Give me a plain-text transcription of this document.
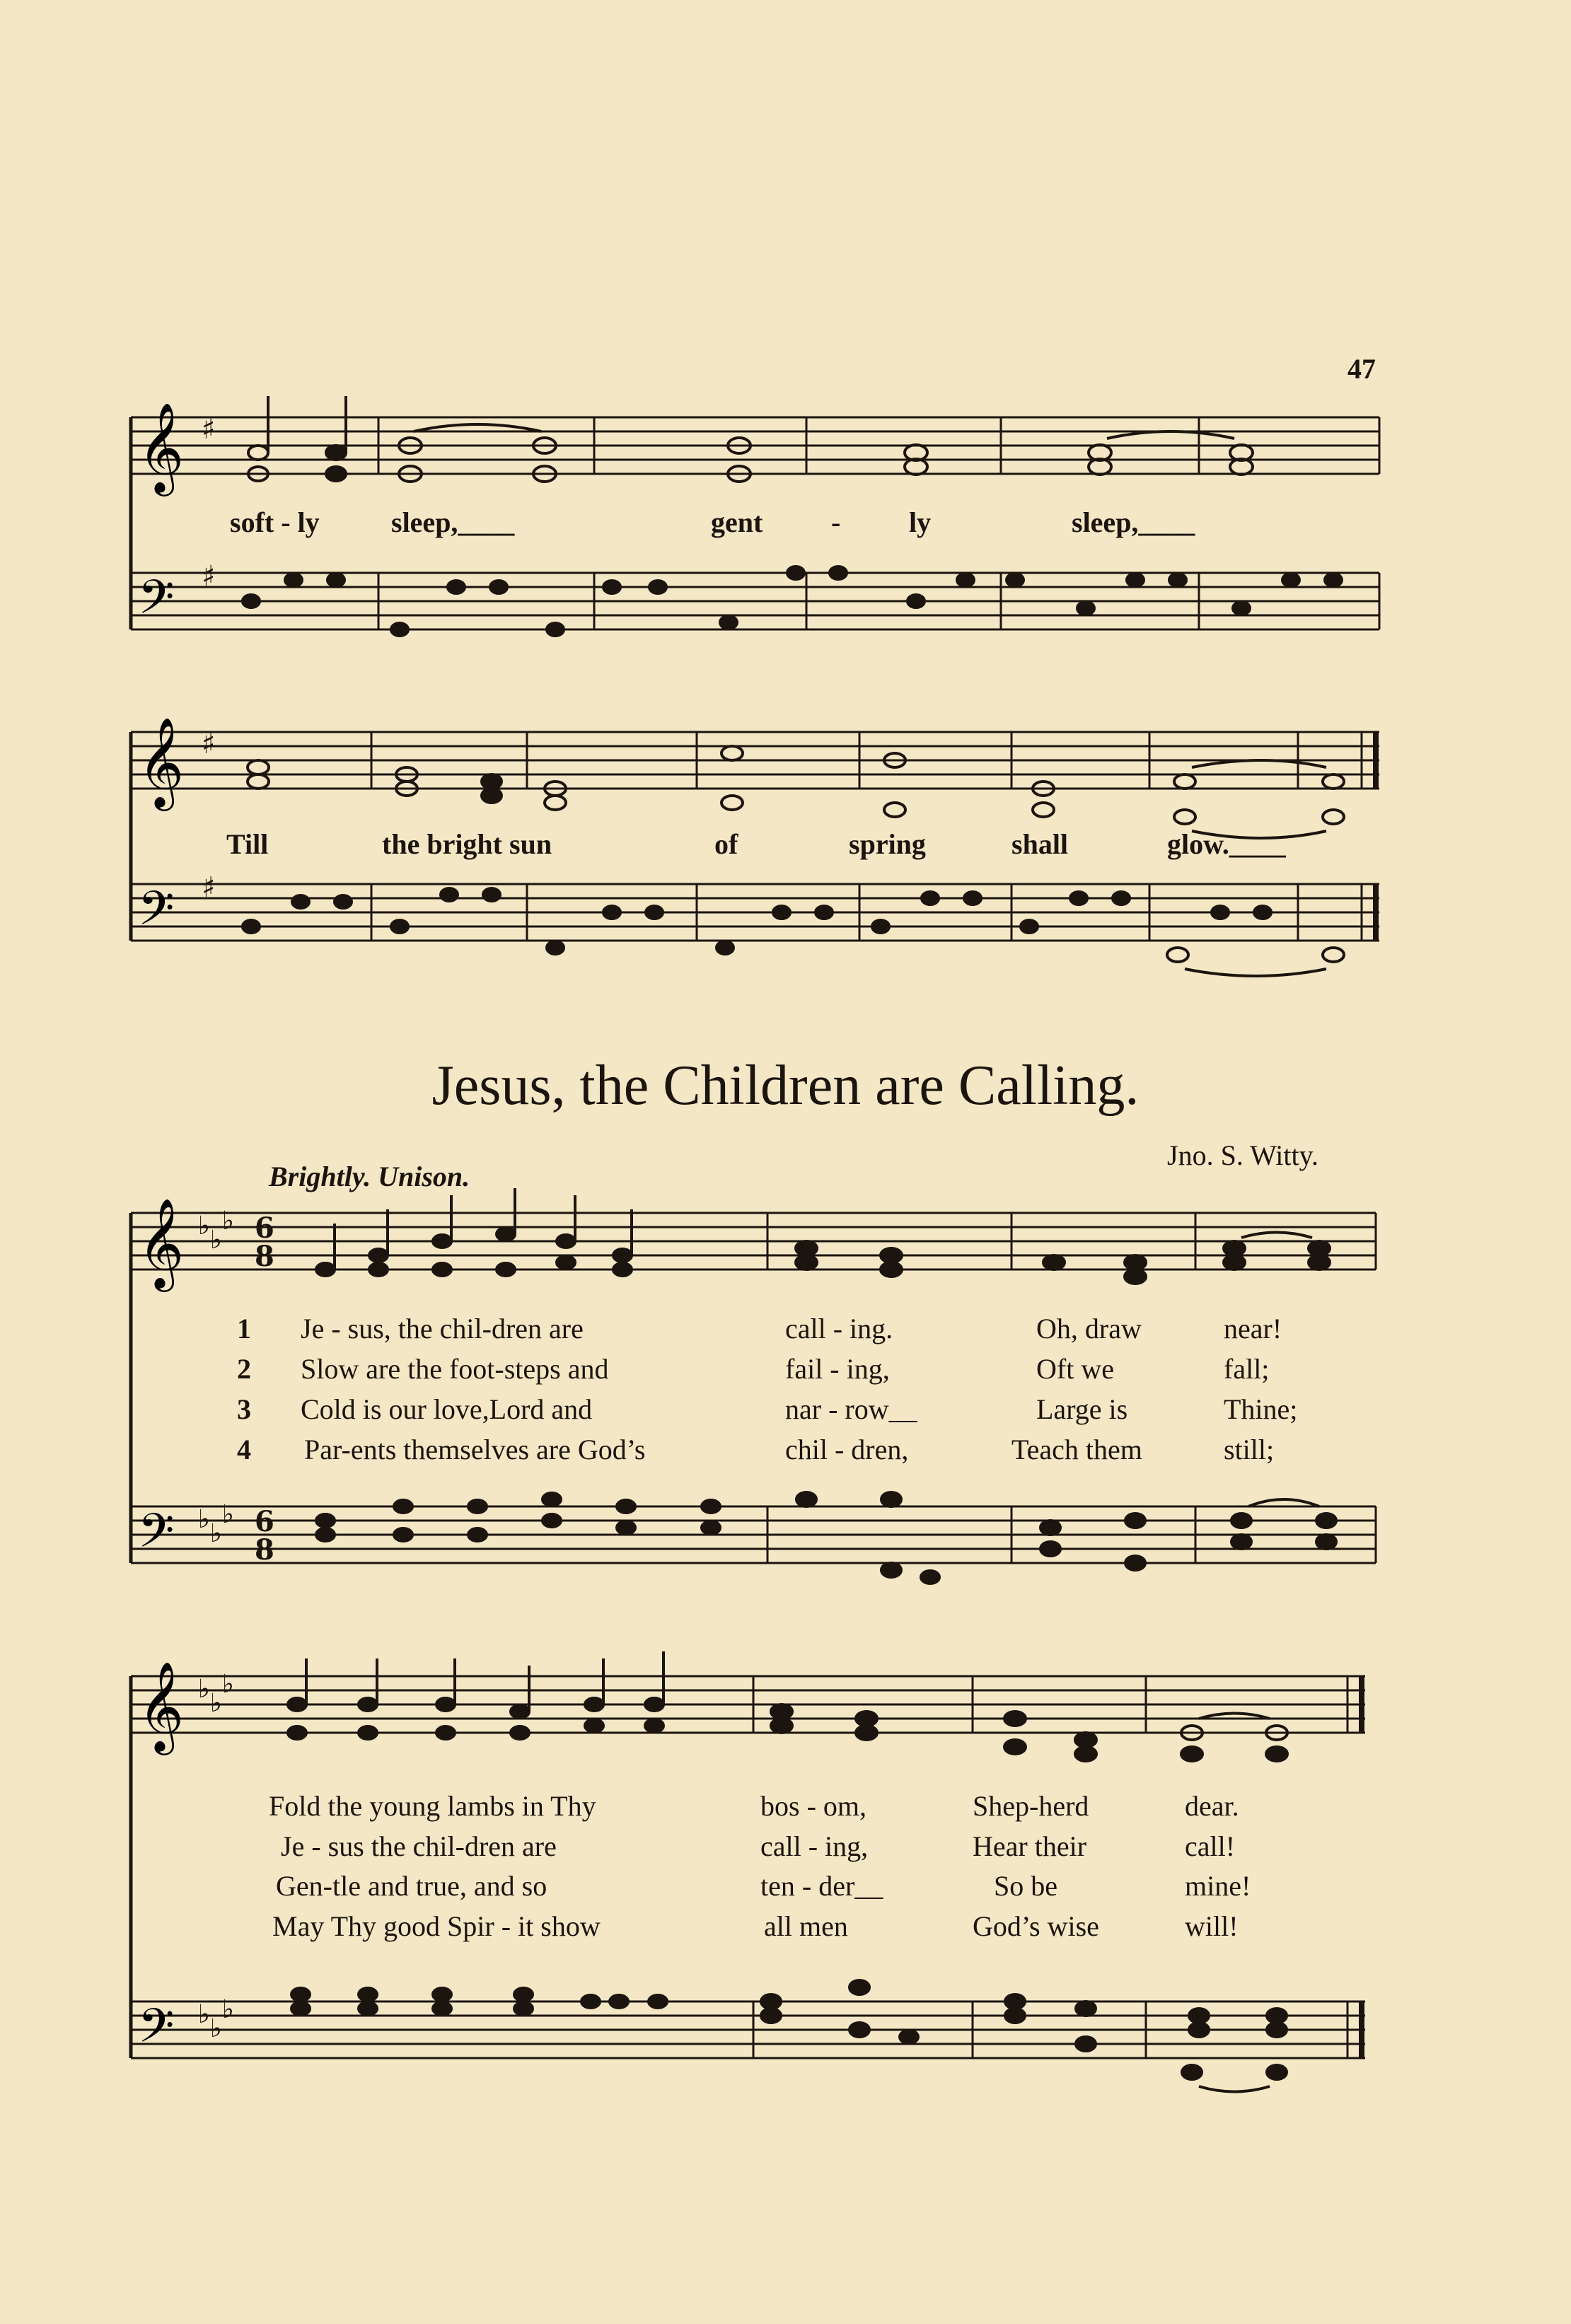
47
𝄞
𝄢
♯
♯
soft - ly	sleep,____	gent - ly	sleep,____
𝄞
𝄢
♯
♯
Till	the bright sun	of	spring	shall	glow.____
Jesus, the Children are Calling.
Jno. S. Witty.
Brightly. Unison.
𝄞
𝄢
♭ ♭
♭
♭ ♭
♭
6
8
6
8
1 Je - sus, the chil-dren are	call - ing.	Oh, draw	near!
2 Slow are the foot-steps and	fail - ing,	Oft we	fall;
3 Cold is our love,Lord and	nar - row__	Large is	Thine;
4 Par-ents themselves are God’s	chil - dren,	Teach them	still;
𝄞
𝄢
♭ ♭
♭
♭ ♭
♭
Fold the young lambs in Thy	bos - om,	Shep-herd	dear.
Je - sus the chil-dren are	call - ing,	Hear their	call!
Gen-tle and true, and so	ten - der__	So be	mine!
May Thy good Spir - it show	all men	God’s wise	will!
